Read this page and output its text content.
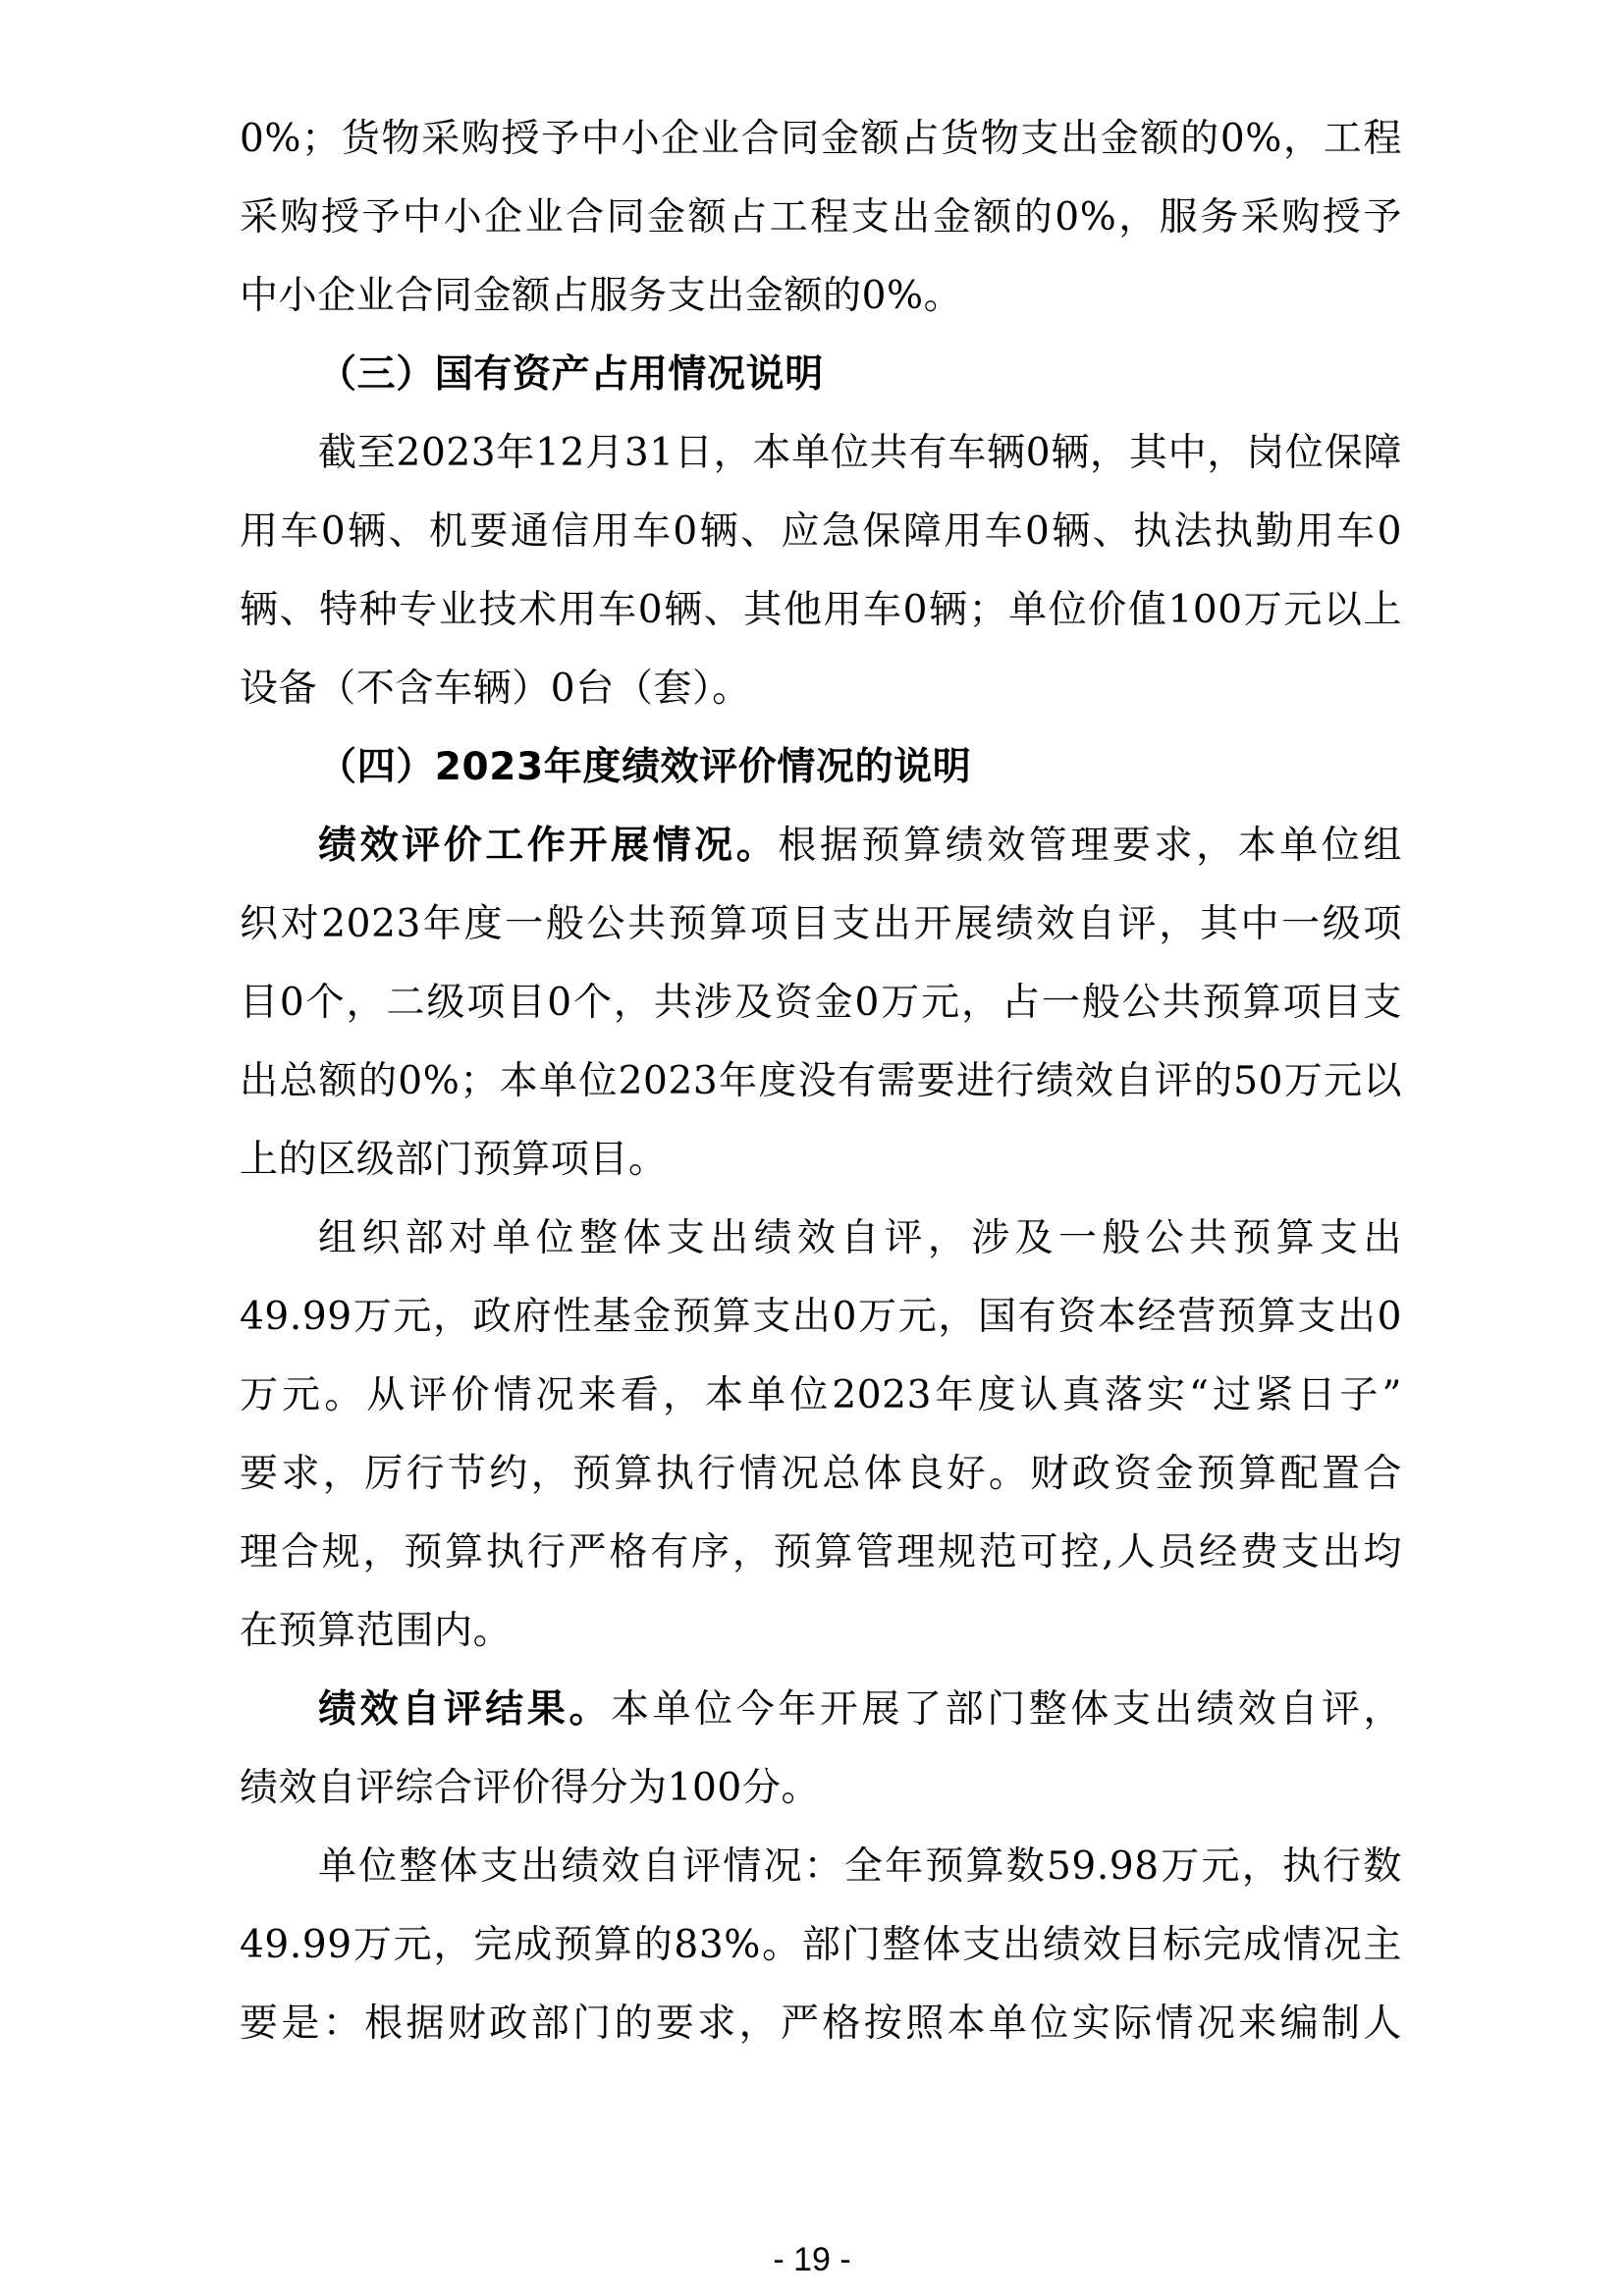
0%；货物采购授予中小企业合同金额占货物支出金额的0%，工程
采购授予中小企业合同金额占工程支出金额的0%，服务采购授予
中小企业合同金额占服务支出金额的0%。
（三）国有资产占用情况说明
截至2023年12月31日，本单位共有车辆0辆，其中，岗位保障
用车0辆、机要通信用车0辆、应急保障用车0辆、执法执勤用车0
辆、特种专业技术用车0辆、其他用车0辆；单位价值100万元以上
设备（不含车辆）0台（套）。
（四）2023年度绩效评价情况的说明
绩效评价工作开展情况。根据预算绩效管理要求，本单位组
织对2023年度一般公共预算项目支出开展绩效自评，其中一级项
目0个，二级项目0个，共涉及资金0万元，占一般公共预算项目支
出总额的0%；本单位2023年度没有需要进行绩效自评的50万元以
上的区级部门预算项目。
组织部对单位整体支出绩效自评，涉及一般公共预算支出
49.99万元，政府性基金预算支出0万元，国有资本经营预算支出0
万元。从评价情况来看，本单位2023年度认真落实“过紧日子”
要求，厉行节约，预算执行情况总体良好。财政资金预算配置合
理合规，预算执行严格有序，预算管理规范可控,人员经费支出均
在预算范围内。
绩效自评结果。本单位今年开展了部门整体支出绩效自评，
绩效自评综合评价得分为100分。
单位整体支出绩效自评情况：全年预算数59.98万元，执行数
49.99万元，完成预算的83%。部门整体支出绩效目标完成情况主
要是：根据财政部门的要求，严格按照本单位实际情况来编制人
- 19 -
